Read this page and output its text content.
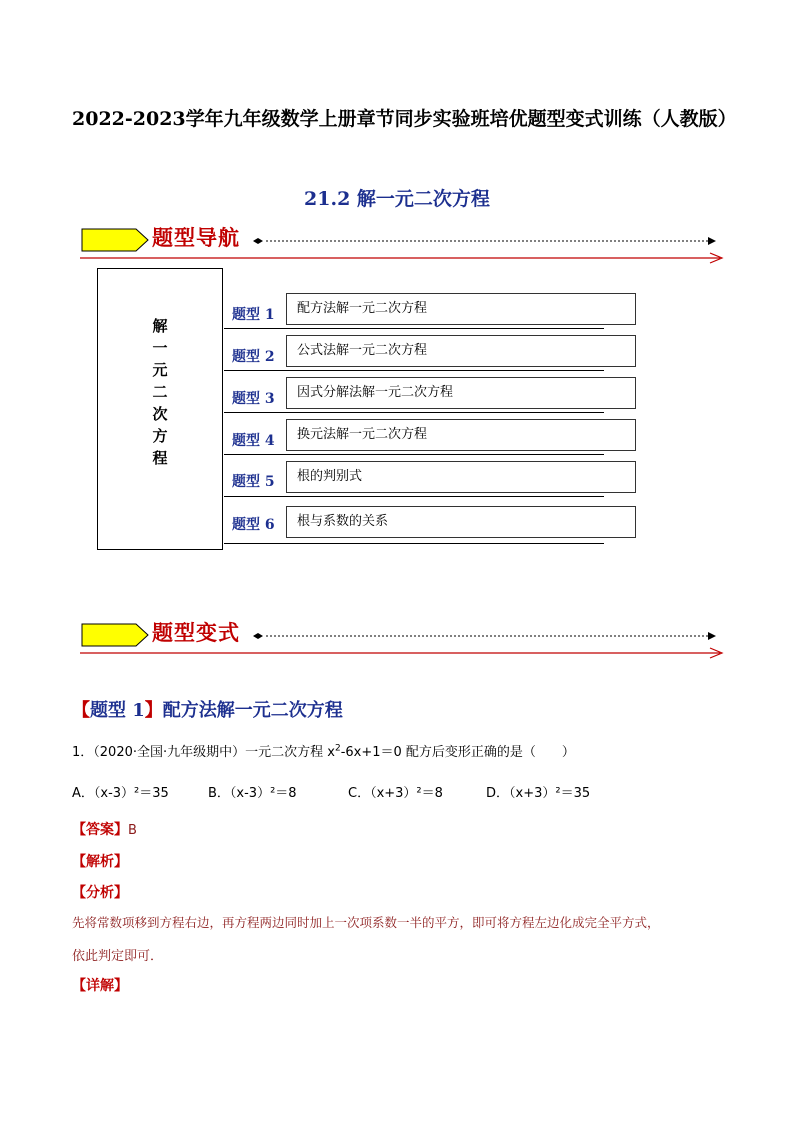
2022-2023学年九年级数学上册章节同步实验班培优题型变式训练（人教版）
21.2 解一元二次方程
题型导航
解
一
元
二
次
方
程
题型 1	配方法解一元二次方程
题型 2	公式法解一元二次方程
题型 3	因式分解法解一元二次方程
题型 4	换元法解一元二次方程
题型 5	根的判别式
题型 6	根与系数的关系
题型变式
【题型 1】配方法解一元二次方程
1．（2020·全国·九年级期中）一元二次方程 $x^2-6x+1=0$ 配方后变形正确的是（　　）
A．（x-3）²＝35	B．（x-3）²＝8	C．（x+3）²＝8	D．（x+3）²＝35
【答案】B
【解析】
【分析】
先将常数项移到方程右边，再方程两边同时加上一次项系数一半的平方，即可将方程左边化成完全平方式，
依此判定即可．
【详解】
